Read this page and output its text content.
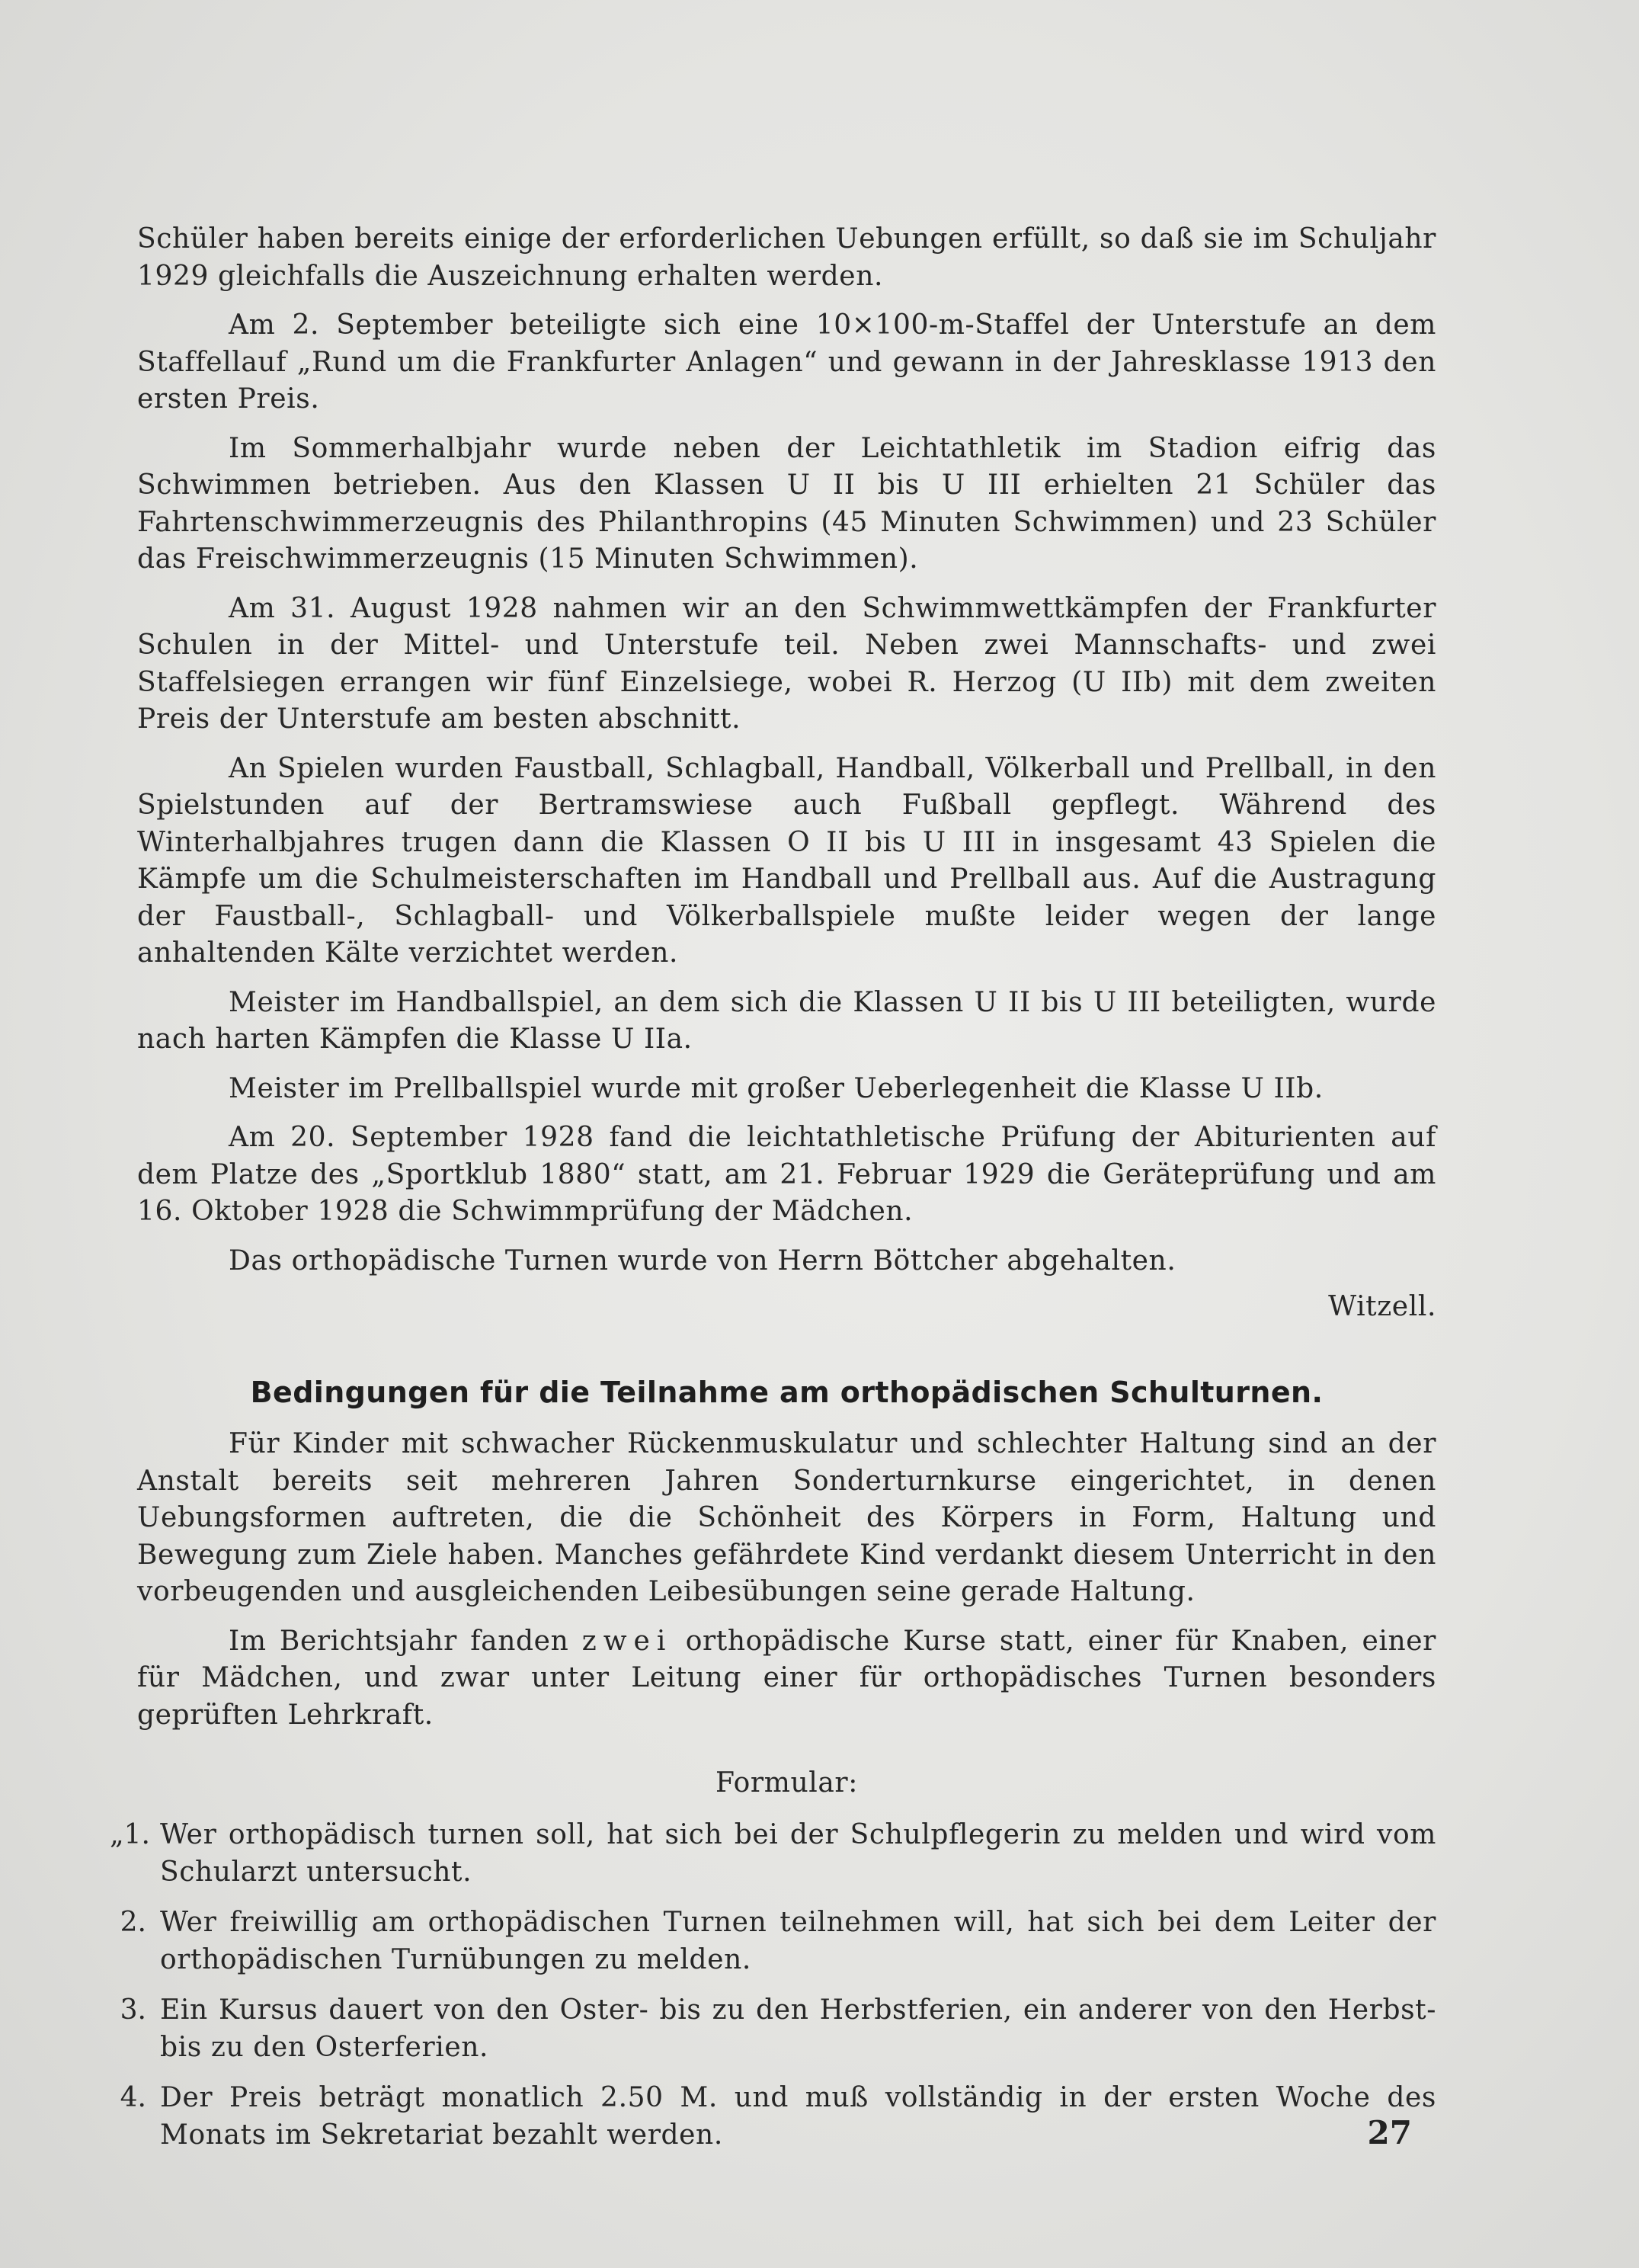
Schüler haben bereits einige der erforderlichen Uebungen erfüllt, so daß sie im Schuljahr 1929 gleichfalls die Auszeichnung erhalten werden.

Am 2. September beteiligte sich eine 10×100-m-Staffel der Unterstufe an dem Staffellauf „Rund um die Frankfurter Anlagen“ und gewann in der Jahresklasse 1913 den ersten Preis.

Im Sommerhalbjahr wurde neben der Leichtathletik im Stadion eifrig das Schwimmen betrieben. Aus den Klassen U II bis U III erhielten 21 Schüler das Fahrtenschwimmerzeugnis des Philanthropins (45 Minuten Schwimmen) und 23 Schüler das Freischwimmerzeugnis (15 Minuten Schwimmen).

Am 31. August 1928 nahmen wir an den Schwimmwettkämpfen der Frankfurter Schulen in der Mittel- und Unterstufe teil. Neben zwei Mannschafts- und zwei Staffelsiegen errangen wir fünf Einzelsiege, wobei R. Herzog (U IIb) mit dem zweiten Preis der Unterstufe am besten abschnitt.

An Spielen wurden Faustball, Schlagball, Handball, Völkerball und Prellball, in den Spielstunden auf der Bertramswiese auch Fußball gepflegt. Während des Winterhalbjahres trugen dann die Klassen O II bis U III in insgesamt 43 Spielen die Kämpfe um die Schulmeisterschaften im Handball und Prellball aus. Auf die Austragung der Faustball-, Schlagball- und Völkerballspiele mußte leider wegen der lange anhaltenden Kälte verzichtet werden.

Meister im Handballspiel, an dem sich die Klassen U II bis U III beteiligten, wurde nach harten Kämpfen die Klasse U IIa.

Meister im Prellballspiel wurde mit großer Ueberlegenheit die Klasse U IIb.

Am 20. September 1928 fand die leichtathletische Prüfung der Abiturienten auf dem Platze des „Sportklub 1880“ statt, am 21. Februar 1929 die Geräteprüfung und am 16. Oktober 1928 die Schwimmprüfung der Mädchen.

Das orthopädische Turnen wurde von Herrn Böttcher abgehalten.

Witzell.
Bedingungen für die Teilnahme am orthopädischen Schulturnen.

Für Kinder mit schwacher Rückenmuskulatur und schlechter Haltung sind an der Anstalt bereits seit mehreren Jahren Sonderturnkurse eingerichtet, in denen Uebungsformen auftreten, die die Schönheit des Körpers in Form, Haltung und Bewegung zum Ziele haben. Manches gefährdete Kind verdankt diesem Unterricht in den vorbeugenden und ausgleichenden Leibesübungen seine gerade Haltung.

Im Berichtsjahr fanden zwei orthopädische Kurse statt, einer für Knaben, einer für Mädchen, und zwar unter Leitung einer für orthopädisches Turnen besonders geprüften Lehrkraft.

Formular:
„1. Wer orthopädisch turnen soll, hat sich bei der Schulpflegerin zu melden und wird vom Schularzt untersucht.
2. Wer freiwillig am orthopädischen Turnen teilnehmen will, hat sich bei dem Leiter der orthopädischen Turnübungen zu melden.
3. Ein Kursus dauert von den Oster- bis zu den Herbstferien, ein anderer von den Herbst- bis zu den Osterferien.
4. Der Preis beträgt monatlich 2.50 M. und muß vollständig in der ersten Woche des Monats im Sekretariat bezahlt werden.	27
